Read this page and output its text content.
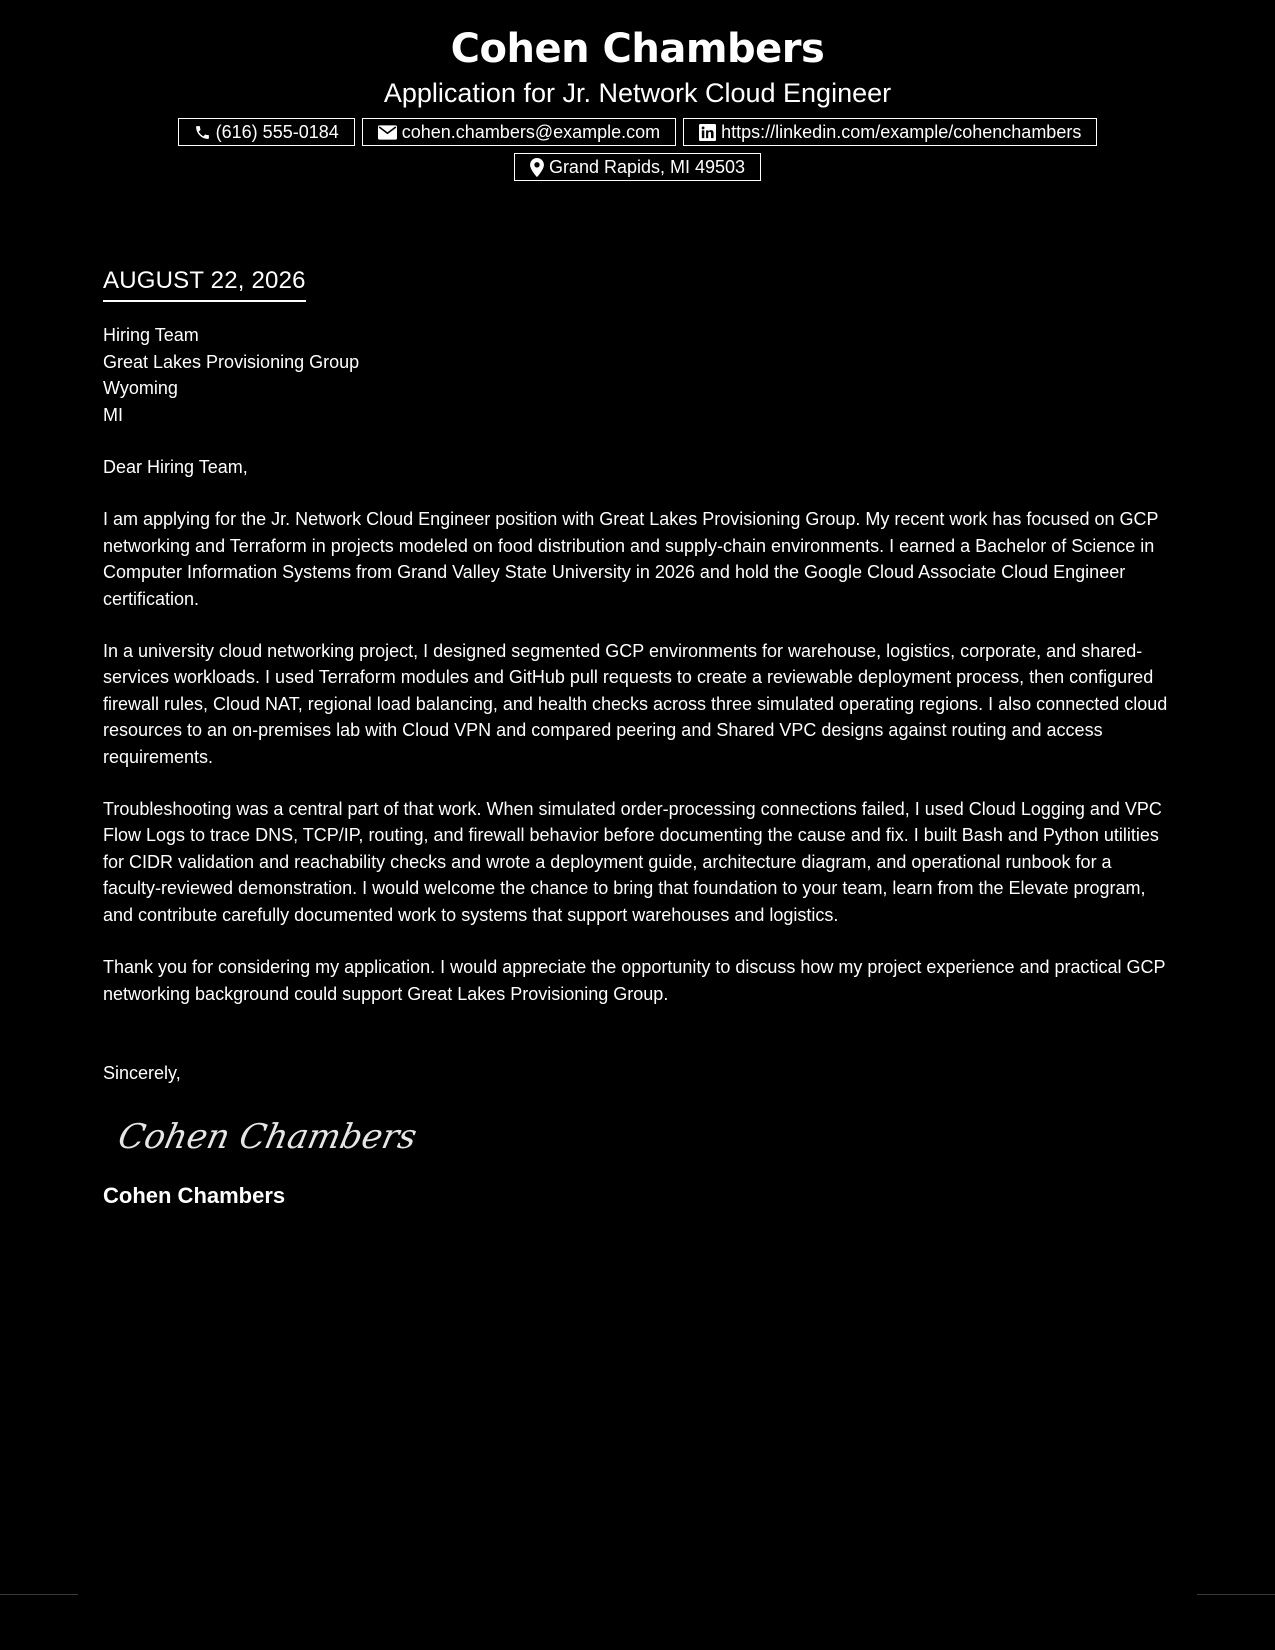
Cohen Chambers
Application for Jr. Network Cloud Engineer
(616) 555-0184	cohen.chambers@example.com	https://linkedin.com/example/cohenchambers
Grand Rapids, MI 49503
AUGUST 22, 2026
Hiring Team
Great Lakes Provisioning Group
Wyoming
MI
Dear Hiring Team,

I am applying for the Jr. Network Cloud Engineer position with Great Lakes Provisioning Group. My recent work has focused on GCP networking and Terraform in projects modeled on food distribution and supply-chain environments. I earned a Bachelor of Science in Computer Information Systems from Grand Valley State University in 2026 and hold the Google Cloud Associate Cloud Engineer certification.

In a university cloud networking project, I designed segmented GCP environments for warehouse, logistics, corporate, and shared-services workloads. I used Terraform modules and GitHub pull requests to create a reviewable deployment process, then configured firewall rules, Cloud NAT, regional load balancing, and health checks across three simulated operating regions. I also connected cloud resources to an on-premises lab with Cloud VPN and compared peering and Shared VPC designs against routing and access requirements.

Troubleshooting was a central part of that work. When simulated order-processing connections failed, I used Cloud Logging and VPC Flow Logs to trace DNS, TCP/IP, routing, and firewall behavior before documenting the cause and fix. I built Bash and Python utilities for CIDR validation and reachability checks and wrote a deployment guide, architecture diagram, and operational runbook for a faculty-reviewed demonstration. I would welcome the chance to bring that foundation to your team, learn from the Elevate program, and contribute carefully documented work to systems that support warehouses and logistics.

Thank you for considering my application. I would appreciate the opportunity to discuss how my project experience and practical GCP networking background could support Great Lakes Provisioning Group.

Sincerely,
Cohen Chambers
Cohen Chambers
